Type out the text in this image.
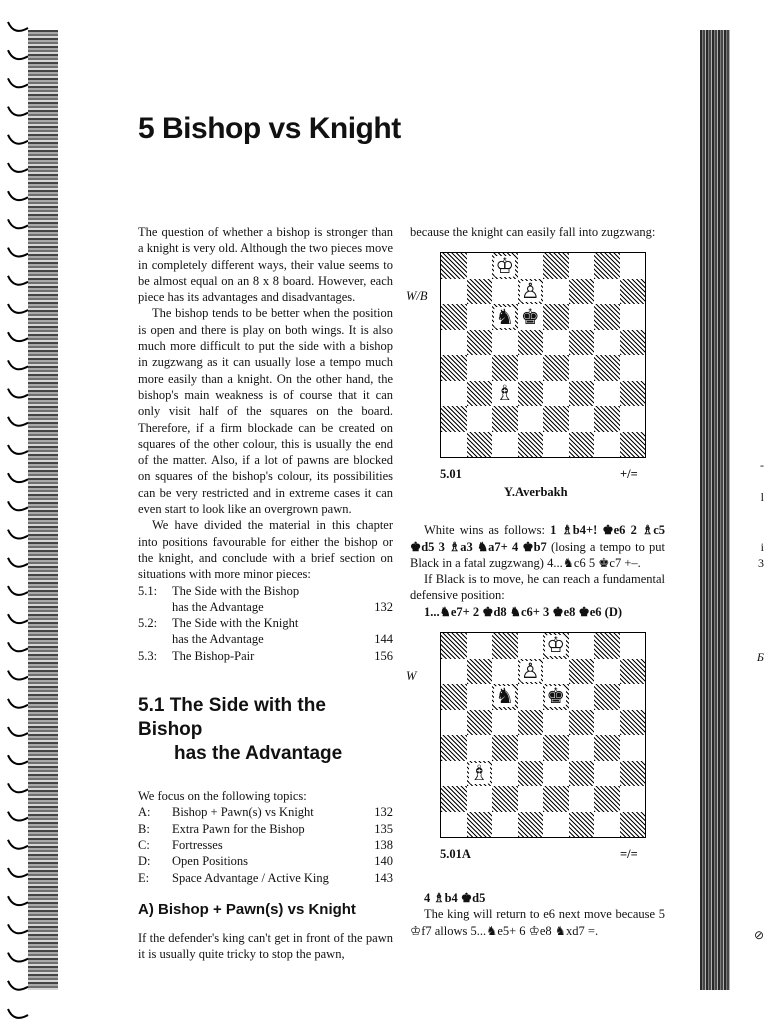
5 Bishop vs Knight

The question of whether a bishop is stronger than a knight is very old. Although the two pieces move in completely different ways, their value seems to be almost equal on an 8 x 8 board. However, each piece has its advantages and disadvantages.

The bishop tends to be better when the position is open and there is play on both wings. It is also much more difficult to put the side with a bishop in zugzwang as it can usually lose a tempo much more easily than a knight. On the other hand, the bishop's main weakness is of course that it can only visit half of the squares on the board. Therefore, if a firm blockade can be created on squares of the other colour, this is usually the end of the matter. Also, if a lot of pawns are blocked on squares of the bishop's colour, its possibilities can be very restricted and in extreme cases it can even start to look like an overgrown pawn.

We have divided the material in this chapter into positions favourable for either the bishop or the knight, and conclude with a brief section on situations with more minor pieces:

5.1:	The Side with the Bishop	
	has the Advantage	132
5.2:	The Side with the Knight	
	has the Advantage	144
5.3:	The Bishop-Pair	156
5.1 The Side with the Bishop
has the Advantage

We focus on the following topics:

A:	Bishop + Pawn(s) vs Knight	132
B:	Extra Pawn for the Bishop	135
C:	Fortresses	138
D:	Open Positions	140
E:	Space Advantage / Active King	143
A) Bishop + Pawn(s) vs Knight

If the defender's king can't get in front of the pawn it is usually quite tricky to stop the pawn,

because the knight can easily fall into zugzwang:

W/B
♔
♙
♞ ♚
♗
5.01
Y.Averbakh
+/=

White wins as follows: 1 ♗b4+! ♚e6 2 ♗c5 ♚d5 3 ♗a3 ♞a7+ 4 ♚b7 (losing a tempo to put Black in a fatal zugzwang) 4...♞c6 5 ♚c7 +–.

If Black is to move, he can reach a fundamental defensive position:

1...♞e7+ 2 ♚d8 ♞c6+ 3 ♚e8 ♚e6 (D)

W
♔
♙
♞ ♚
♗
5.01A	=/=

4 ♗b4 ♚d5

The king will return to e6 next move because 5 ♔f7 allows 5...♞e5+ 6 ♔e8 ♞xd7 =.

-
l
i
3
Б
⊘
